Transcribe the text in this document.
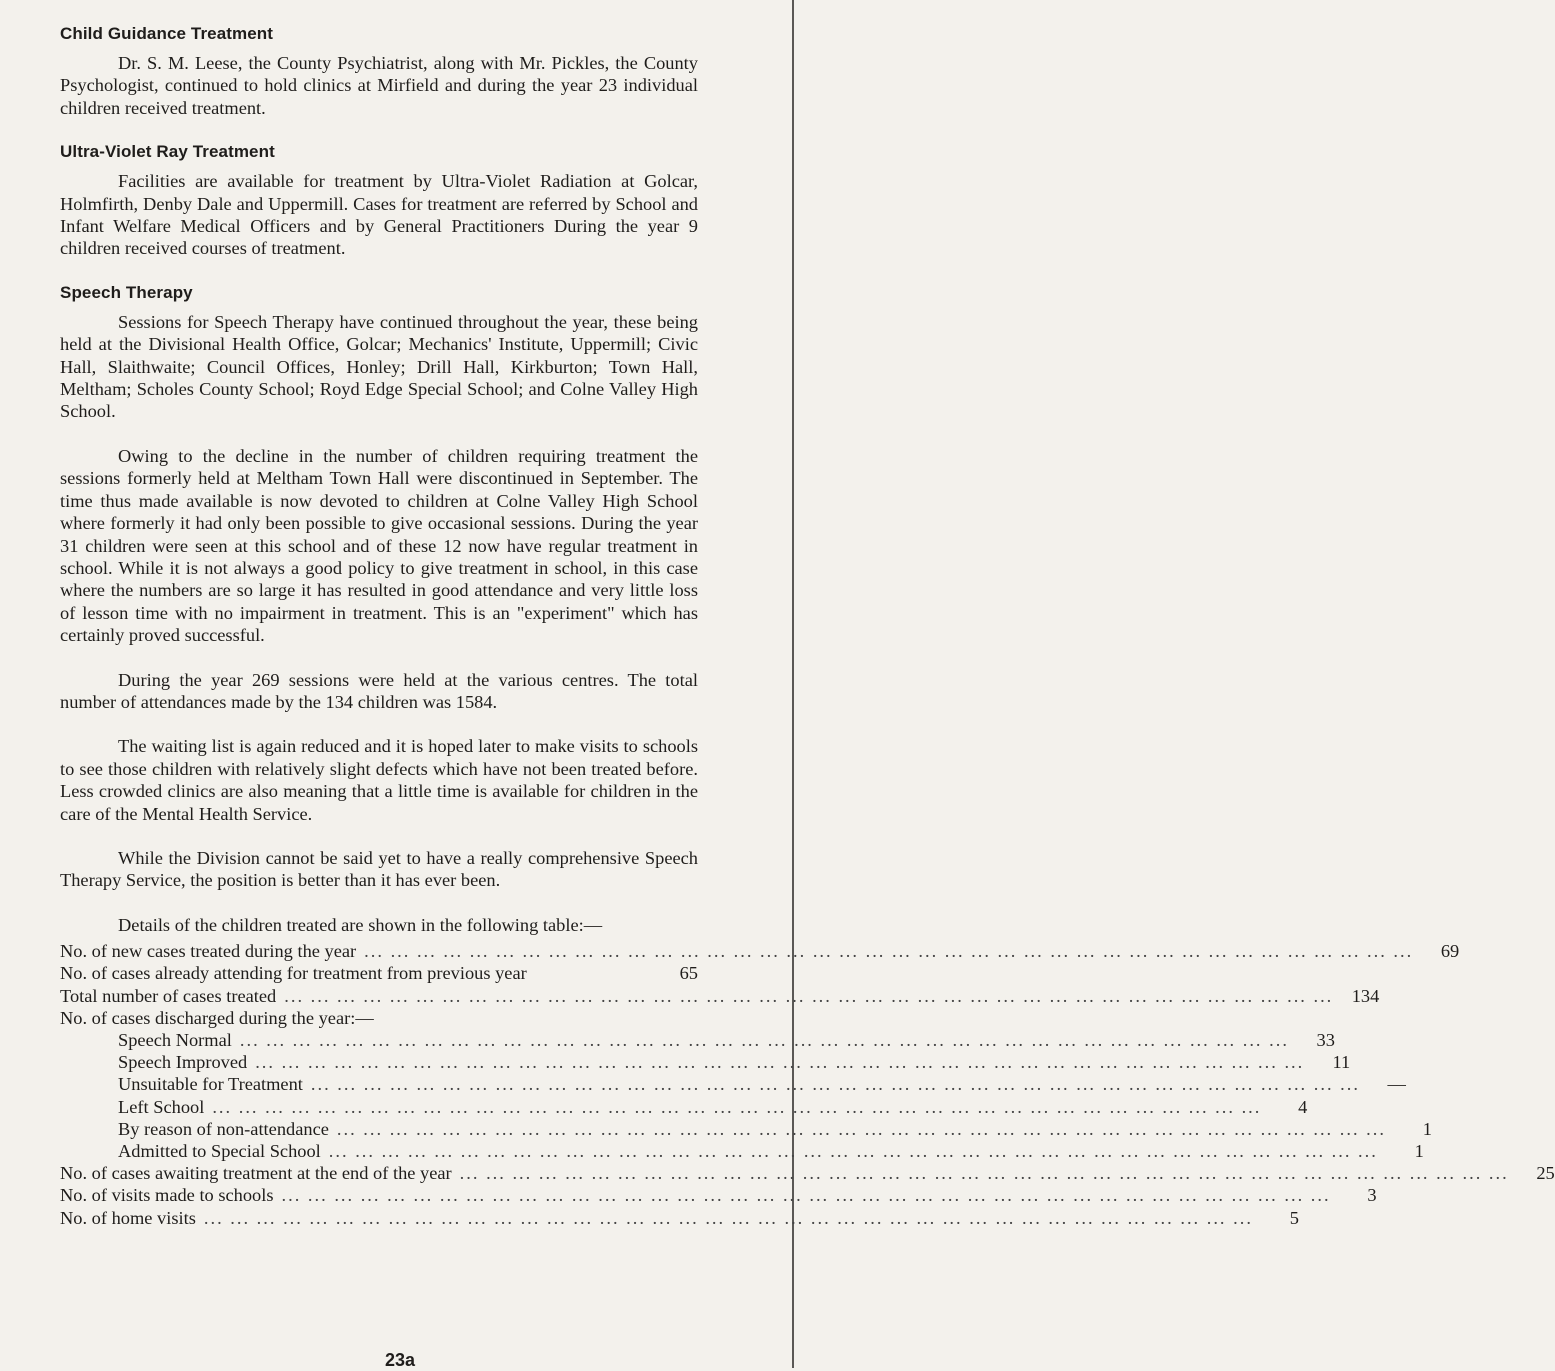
Child Guidance Treatment

Dr. S. M. Leese, the County Psychiatrist, along with Mr. Pickles, the County Psychologist, continued to hold clinics at Mirfield and during the year 23 individual children received treatment.

Ultra-Violet Ray Treatment

Facilities are available for treatment by Ultra-Violet Radiation at Golcar, Holmfirth, Denby Dale and Uppermill. Cases for treatment are referred by School and Infant Welfare Medical Officers and by General Practitioners During the year 9 children received courses of treatment.

Speech Therapy

Sessions for Speech Therapy have continued throughout the year, these being held at the Divisional Health Office, Golcar; Mechanics' Institute, Uppermill; Civic Hall, Slaithwaite; Council Offices, Honley; Drill Hall, Kirkburton; Town Hall, Meltham; Scholes County School; Royd Edge Special School; and Colne Valley High School.

Owing to the decline in the number of children requiring treatment the sessions formerly held at Meltham Town Hall were discontinued in September. The time thus made available is now devoted to children at Colne Valley High School where formerly it had only been possible to give occasional sessions. During the year 31 children were seen at this school and of these 12 now have regular treatment in school. While it is not always a good policy to give treatment in school, in this case where the numbers are so large it has resulted in good attendance and very little loss of lesson time with no impairment in treatment. This is an "experiment" which has certainly proved successful.

During the year 269 sessions were held at the various centres. The total number of attendances made by the 134 children was 1584.

The waiting list is again reduced and it is hoped later to make visits to schools to see those children with relatively slight defects which have not been treated before. Less crowded clinics are also meaning that a little time is available for children in the care of the Mental Health Service.

While the Division cannot be said yet to have a really comprehensive Speech Therapy Service, the position is better than it has ever been.

Details of the children treated are shown in the following table:—

No. of new cases treated during the year ... ... ... ... ... ... ... ... ... ... ... ... ... ... ... ... ... ... ... ... ... ... ... ... ... ... ... ... ... ... ... ... ... ... ... ... ... ... ... ...	69
No. of cases already attending for treatment from previous year	65
Total number of cases treated ... ... ... ... ... ... ... ... ... ... ... ... ... ... ... ... ... ... ... ... ... ... ... ... ... ... ... ... ... ... ... ... ... ... ... ... ... ... ... ...	134
No. of cases discharged during the year:—
Speech Normal ... ... ... ... ... ... ... ... ... ... ... ... ... ... ... ... ... ... ... ... ... ... ... ... ... ... ... ... ... ... ... ... ... ... ... ... ... ... ... ...	33
Speech Improved ... ... ... ... ... ... ... ... ... ... ... ... ... ... ... ... ... ... ... ... ... ... ... ... ... ... ... ... ... ... ... ... ... ... ... ... ... ... ... ...	11
Unsuitable for Treatment ... ... ... ... ... ... ... ... ... ... ... ... ... ... ... ... ... ... ... ... ... ... ... ... ... ... ... ... ... ... ... ... ... ... ... ... ... ... ... ...	—
Left School ... ... ... ... ... ... ... ... ... ... ... ... ... ... ... ... ... ... ... ... ... ... ... ... ... ... ... ... ... ... ... ... ... ... ... ... ... ... ... ...	4
By reason of non-attendance ... ... ... ... ... ... ... ... ... ... ... ... ... ... ... ... ... ... ... ... ... ... ... ... ... ... ... ... ... ... ... ... ... ... ... ... ... ... ... ...	1
Admitted to Special School ... ... ... ... ... ... ... ... ... ... ... ... ... ... ... ... ... ... ... ... ... ... ... ... ... ... ... ... ... ... ... ... ... ... ... ... ... ... ... ...	1
No. of cases awaiting treatment at the end of the year ... ... ... ... ... ... ... ... ... ... ... ... ... ... ... ... ... ... ... ... ... ... ... ... ... ... ... ... ... ... ... ... ... ... ... ... ... ... ... ...	25
No. of visits made to schools ... ... ... ... ... ... ... ... ... ... ... ... ... ... ... ... ... ... ... ... ... ... ... ... ... ... ... ... ... ... ... ... ... ... ... ... ... ... ... ...	3
No. of home visits ... ... ... ... ... ... ... ... ... ... ... ... ... ... ... ... ... ... ... ... ... ... ... ... ... ... ... ... ... ... ... ... ... ... ... ... ... ... ... ...	5
23a
